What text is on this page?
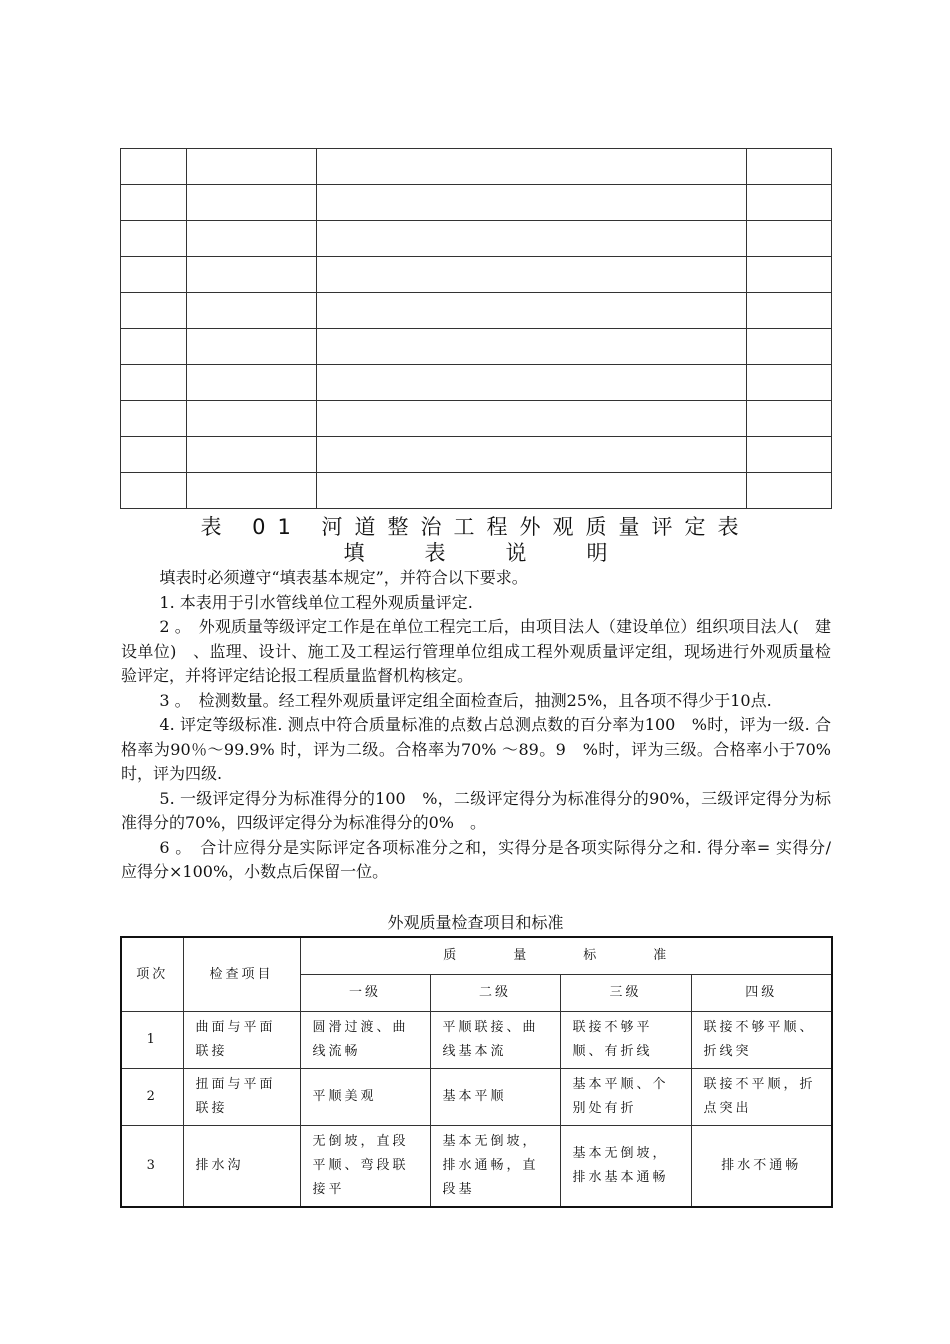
表 01 河道整治工程外观质量评定表
填	表	说	明

填表时必须遵守“填表基本规定”，并符合以下要求。

1. 本表用于引水管线单位工程外观质量评定.

2 。　外观质量等级评定工作是在单位工程完工后，由项目法人（建设单位）组织项目法人(　建设单位)　、监理、设计、施工及工程运行管理单位组成工程外观质量评定组，现场进行外观质量检验评定，并将评定结论报工程质量监督机构核定。

3 。　检测数量。经工程外观质量评定组全面检查后，抽测25%，且各项不得少于10点.

4. 评定等级标准. 测点中符合质量标准的点数占总测点数的百分率为100　%时，评为一级. 合格率为90％～99.9% 时，评为二级。合格率为70% ～89。9　%时，评为三级。合格率小于70%时，评为四级.

5. 一级评定得分为标准得分的100　%，二级评定得分为标准得分的90%，三级评定得分为标准得分的70%，四级评定得分为标准得分的0%　。

6 。　合计应得分是实际评定各项标准分之和，实得分是各项实际得分之和. 得分率= 实得分/　应得分×100%，小数点后保留一位。

外观质量检查项目和标准
项次	检查项目	质　量　标　准			
		一级	二级	三级	四级
1	曲面与平面联接	圆滑过渡、曲线流畅	平顺联接、曲线基本流	联接不够平顺、有折线	联接不够平顺、折线突

2	扭面与平面联接	平顺美观	基本平顺	基本平顺、个别处有折	联接不平顺，折点突出

3	排水沟	无倒坡，直段平顺、弯段联接平	基本无倒坡，排水通畅，直段基	基本无倒坡，排水基本通畅	排水不通畅
